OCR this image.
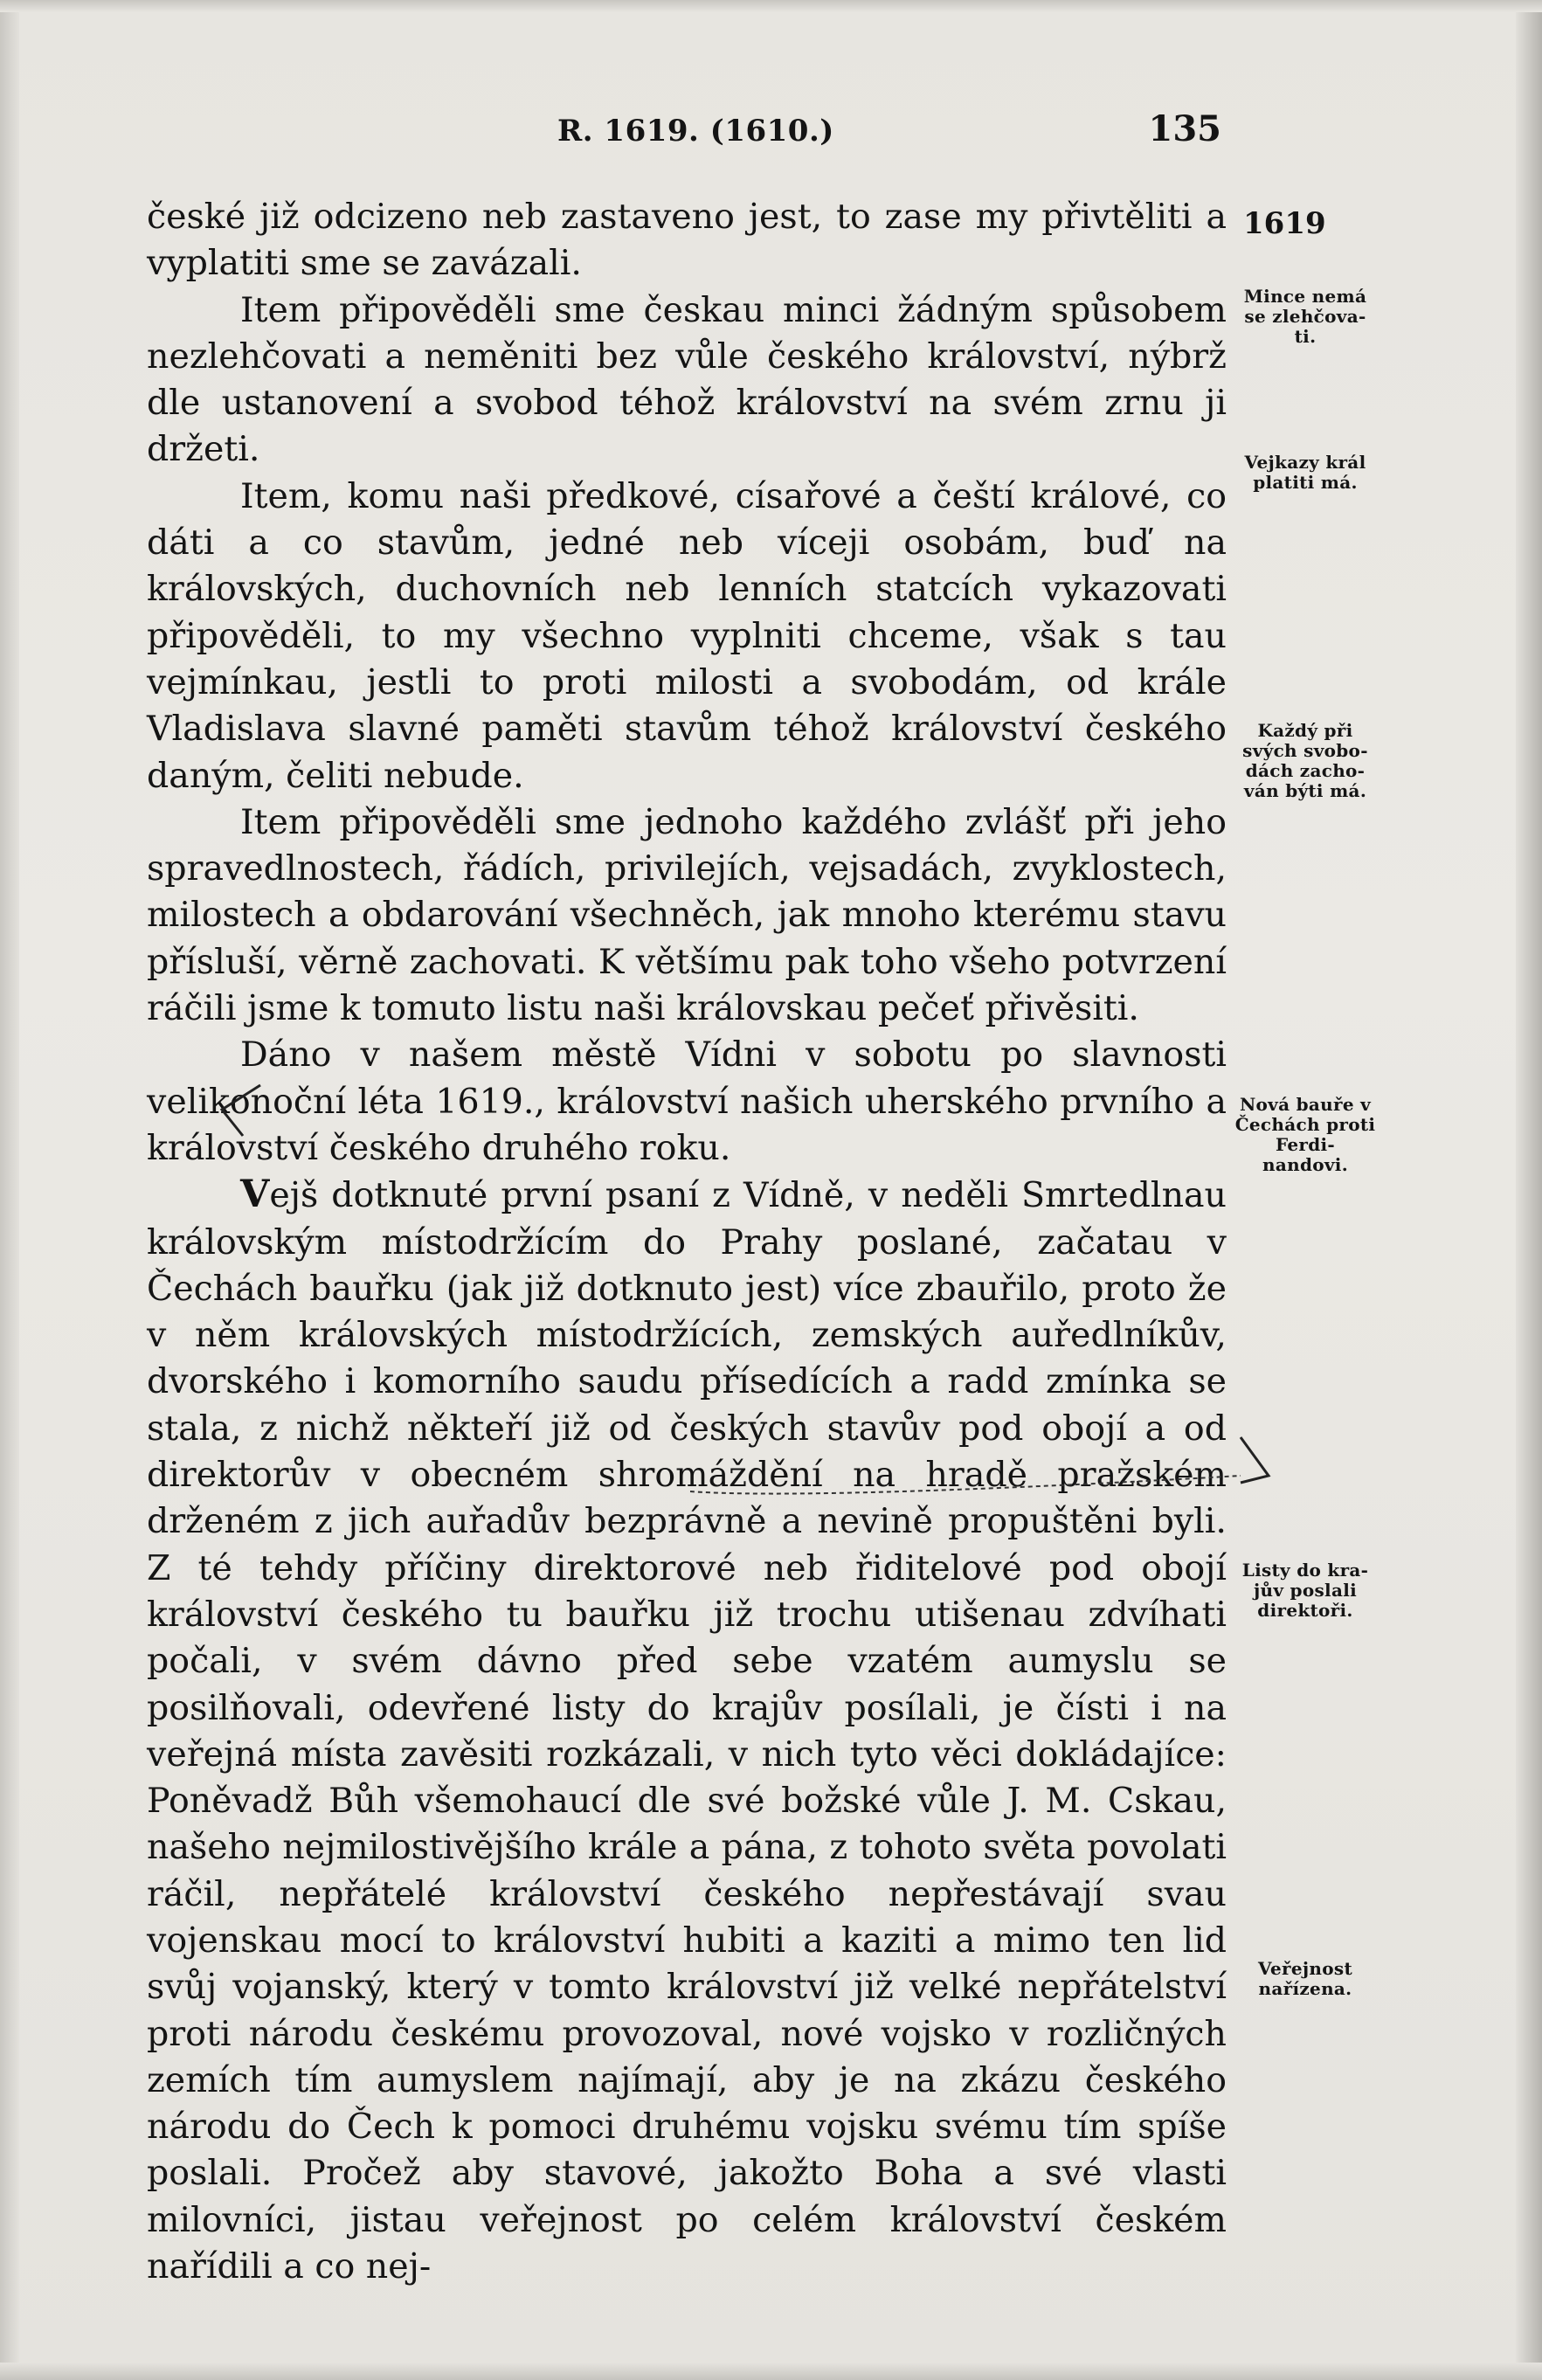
R. 1619. (1610.)	135

české již odcizeno neb zastaveno jest, to zase my přivtěliti a vyplatiti sme se zavázali.

Item připověděli sme českau minci žádným spůsobem nezlehčovati a neměniti bez vůle českého království, nýbrž dle ustanovení a svobod téhož království na svém zrnu ji držeti.

Item, komu naši předkové, císařové a čeští králové, co dáti a co stavům, jedné neb víceji osobám, buď na královských, duchovních neb lenních statcích vykazovati připověděli, to my všechno vyplniti chceme, však s tau vejmínkau, jestli to proti milosti a svobodám, od krále Vladislava slavné paměti stavům téhož království českého daným, čeliti nebude.

Item připověděli sme jednoho každého zvlášť při jeho spravedlnostech, řádích, privilejích, vejsadách, zvyklostech, milostech a obdarování všechněch, jak mnoho kterému stavu přísluší, věrně zachovati. K většímu pak toho všeho potvrzení ráčili jsme k tomuto listu naši královskau pečeť přivěsiti.

Dáno v našem městě Vídni v sobotu po slavnosti velikonoční léta 1619., království našich uherského prvního a království českého druhého roku.

Vejš dotknuté první psaní z Vídně, v neděli Smrtedlnau královským místodržícím do Prahy poslané, začatau v Čechách bauřku (jak již dotknuto jest) více zbauřilo, proto že v něm královských místodržících, zemských auředlníkův, dvorského i komorního saudu přísedících a radd zmínka se stala, z nichž někteří již od českých stavův pod obojí a od direktorův v obecném shromáždění na hradě pražském drženém z jich auřadův bezprávně a nevině propuštěni byli. Z té tehdy příčiny direktorové neb řiditelové pod obojí království českého tu bauřku již trochu utišenau zdvíhati počali, v svém dávno před sebe vzatém aumyslu se posilňovali, odevřené listy do krajův posílali, je čísti i na veřejná místa zavěsiti rozkázali, v nich tyto věci dokládajíce: Poněvadž Bůh všemohaucí dle své božské vůle J. M. Cskau, našeho nejmilostivějšího krále a pána, z tohoto světa povolati ráčil, nepřátelé království českého nepřestávají svau vojenskau mocí to království hubiti a kaziti a mimo ten lid svůj vojanský, který v tomto království již velké nepřátelství proti národu českému provozoval, nové vojsko v rozličných zemích tím aumyslem najímají, aby je na zkázu českého národu do Čech k pomoci druhému vojsku svému tím spíše poslali. Pročež aby stavové, jakožto Boha a své vlasti milovníci, jistau veřejnost po celém království českém nařídili a co nej-

1619
Mince nemá se zlehčova- ti.
Vejkazy král platiti má.
Každý při svých svobo- dách zacho- ván býti má.
Nová bauře v Čechách proti Ferdi- nandovi.
Listy do kra- jův poslali direktoři.
Veřejnost nařízena.
